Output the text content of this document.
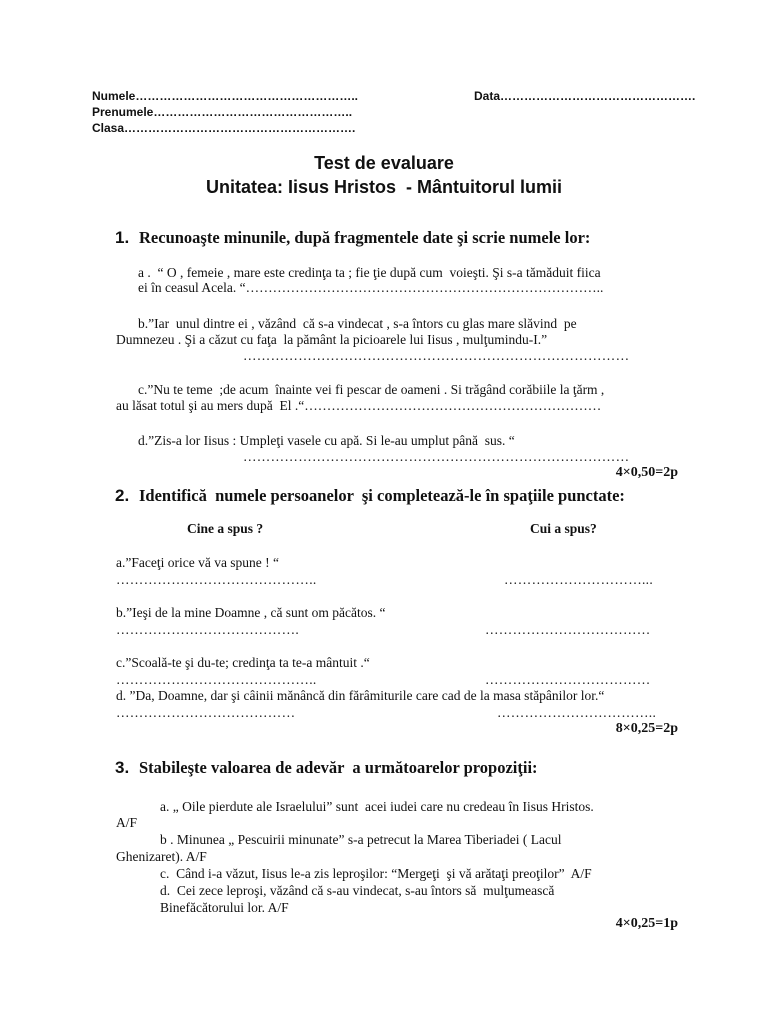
Numele………………………………………………..	Data………………………………………….
Prenumele…………………………………………..
Clasa………………………………………………….
Test de evaluare
Unitatea: Iisus Hristos  - Mântuitorul lumii
1. Recunoaşte minunile, după fragmentele date şi scrie numele lor:
a .  “ O , femeie , mare este credinţa ta ; fie ţie după cum  voieşti. Şi s-a tămăduit fiica
ei în ceasul Acela. “……………………………………………………………………..
b.”Iar  unul dintre ei , văzând  că s-a vindecat , s-a întors cu glas mare slăvind  pe
Dumnezeu . Şi a căzut cu faţa  la pământ la picioarele lui Iisus , mulţumindu-I.”
…………………………………………………………………………
c.”Nu te teme  ;de acum  înainte vei fi pescar de oameni . Si trăgând corăbiile la ţărm ,
au lăsat totul şi au mers după  El .“…………………………………………………………
d.”Zis-a lor Iisus : Umpleţi vasele cu apă. Si le-au umplut până  sus. “
…………………………………………………………………………
4×0,50=2p
2. Identifică  numele persoanelor  şi completează-le în spaţiile punctate:
Cine a spus ?	Cui a spus?
a.”Faceţi orice vă va spune ! “
……………………………………..	…………………………...
b.”Ieşi de la mine Doamne , că sunt om păcătos. “
………………………………….	………………………………
c.”Scoală-te şi du-te; credinţa ta te-a mântuit .“
……………………………………..	………………………………
d. ”Da, Doamne, dar şi câinii mănâncă din fărâmiturile care cad de la masa stăpânilor lor.“
…………………………………	……………………………..
8×0,25=2p
3. Stabileşte valoarea de adevăr  a următoarelor propoziţii:
a. „ Oile pierdute ale Israelului” sunt  acei iudei care nu credeau în Iisus Hristos.
A/F
b . Minunea „ Pescuirii minunate” s-a petrecut la Marea Tiberiadei ( Lacul
Ghenizaret). A/F
c.  Când i-a văzut, Iisus le-a zis leproşilor: “Mergeţi  şi vă arătaţi preoţilor”  A/F
d.  Cei zece leproşi, văzând că s-au vindecat, s-au întors să  mulţumească
Binefăcătorului lor. A/F
4×0,25=1p
